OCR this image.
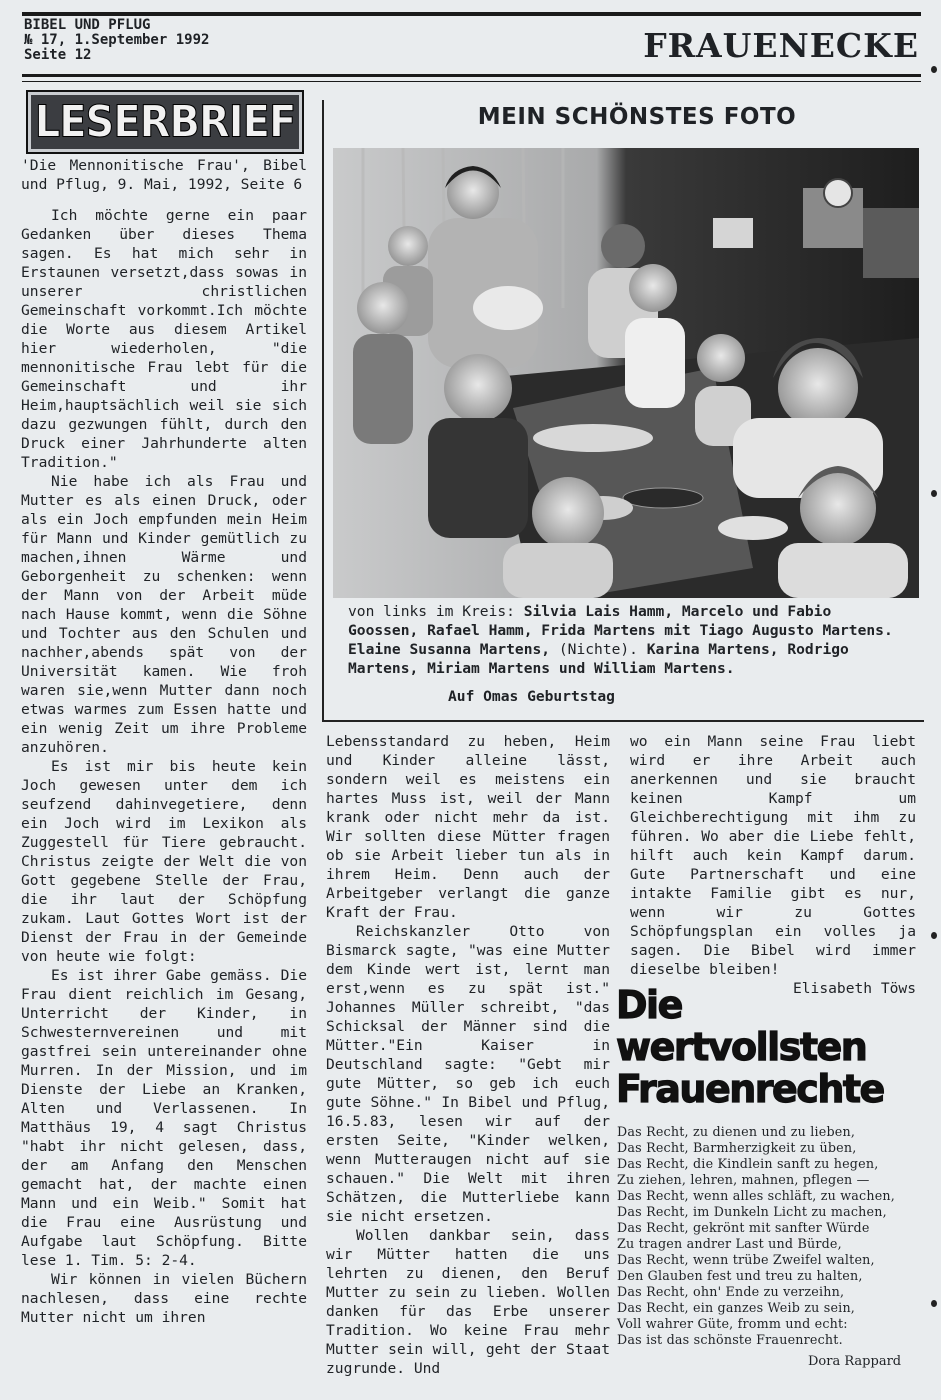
BIBEL UND PFLUG
№ 17, 1.September 1992
Seite 12	FRAUENECKE
LESERBRIEF

'Die Mennonitische Frau', Bibel und Pflug, 9. Mai, 1992, Seite 6

Ich möchte gerne ein paar Gedanken über dieses Thema sagen. Es hat mich sehr in Erstaunen versetzt,dass sowas in unserer christlichen Gemeinschaft vorkommt.Ich möchte die Worte aus diesem Artikel hier wiederholen, "die mennonitische Frau lebt für die Gemeinschaft und ihr Heim,hauptsächlich weil sie sich dazu gezwungen fühlt, durch den Druck einer Jahrhunderte alten Tradition."

Nie habe ich als Frau und Mutter es als einen Druck, oder als ein Joch empfunden mein Heim für Mann und Kinder gemütlich zu machen,ihnen Wärme und Geborgenheit zu schenken: wenn der Mann von der Arbeit müde nach Hause kommt, wenn die Söhne und Tochter aus den Schulen und nachher,abends spät von der Universität kamen. Wie froh waren sie,wenn Mutter dann noch etwas warmes zum Essen hatte und ein wenig Zeit um ihre Probleme anzuhören.

Es ist mir bis heute kein Joch gewesen unter dem ich seufzend dahinvegetiere, denn ein Joch wird im Lexikon als Zuggestell für Tiere gebraucht. Christus zeigte der Welt die von Gott gegebene Stelle der Frau, die ihr laut der Schöpfung zukam. Laut Gottes Wort ist der Dienst der Frau in der Gemeinde von heute wie folgt:

Es ist ihrer Gabe gemäss. Die Frau dient reichlich im Gesang, Unterricht der Kinder, in Schwesternvereinen und mit gastfrei sein untereinander ohne Murren. In der Mission, und im Dienste der Liebe an Kranken, Alten und Verlassenen. In Matthäus 19, 4 sagt Christus "habt ihr nicht gelesen, dass, der am Anfang den Menschen gemacht hat, der machte einen Mann und ein Weib." Somit hat die Frau eine Ausrüstung und Aufgabe laut Schöpfung. Bitte lese 1. Tim. 5: 2-4.

Wir können in vielen Büchern nachlesen, dass eine rechte Mutter nicht um ihren

MEIN SCHÖNSTES FOTO
von links im Kreis: Silvia Lais Hamm, Marcelo und Fabio Goossen, Rafael Hamm, Frida Martens mit Tiago Augusto Martens. Elaine Susanna Martens, (Nichte). Karina Martens, Rodrigo Martens, Miriam Martens und William Martens.
Auf Omas Geburtstag

Lebensstandard zu heben, Heim und Kinder alleine lässt, sondern weil es meistens ein hartes Muss ist, weil der Mann krank oder nicht mehr da ist. Wir sollten diese Mütter fragen ob sie Arbeit lieber tun als in ihrem Heim. Denn auch der Arbeitgeber verlangt die ganze Kraft der Frau.

Reichskanzler Otto von Bismarck sagte, "was eine Mutter dem Kinde wert ist, lernt man erst,wenn es zu spät ist." Johannes Müller schreibt, "das Schicksal der Männer sind die Mütter."Ein Kaiser in Deutschland sagte: "Gebt mir gute Mütter, so geb ich euch gute Söhne." In Bibel und Pflug, 16.5.83, lesen wir auf der ersten Seite, "Kinder welken, wenn Mutteraugen nicht auf sie schauen." Die Welt mit ihren Schätzen, die Mutterliebe kann sie nicht ersetzen.

Wollen dankbar sein, dass wir Mütter hatten die uns lehrten zu dienen, den Beruf Mutter zu sein zu lieben. Wollen danken für das Erbe unserer Tradition. Wo keine Frau mehr Mutter sein will, geht der Staat zugrunde. Und

wo ein Mann seine Frau liebt wird er ihre Arbeit auch anerkennen und sie braucht keinen Kampf um Gleichberechtigung mit ihm zu führen. Wo aber die Liebe fehlt, hilft auch kein Kampf darum. Gute Partnerschaft und eine intakte Familie gibt es nur, wenn wir zu Gottes Schöpfungsplan ein volles ja sagen. Die Bibel wird immer dieselbe bleiben!

Elisabeth Töws
Die
wertvollsten
Frauenrechte
Das Recht, zu dienen und zu lieben,
Das Recht, Barmherzigkeit zu üben,
Das Recht, die Kindlein sanft zu hegen,
Zu ziehen, lehren, mahnen, pflegen —
Das Recht, wenn alles schläft, zu wachen,
Das Recht, im Dunkeln Licht zu machen,
Das Recht, gekrönt mit sanfter Würde
Zu tragen andrer Last und Bürde,
Das Recht, wenn trübe Zweifel walten,
Den Glauben fest und treu zu halten,
Das Recht, ohn' Ende zu verzeihn,
Das Recht, ein ganzes Weib zu sein,
Voll wahrer Güte, fromm und echt:
Das ist das schönste Frauenrecht.
Dora Rappard
